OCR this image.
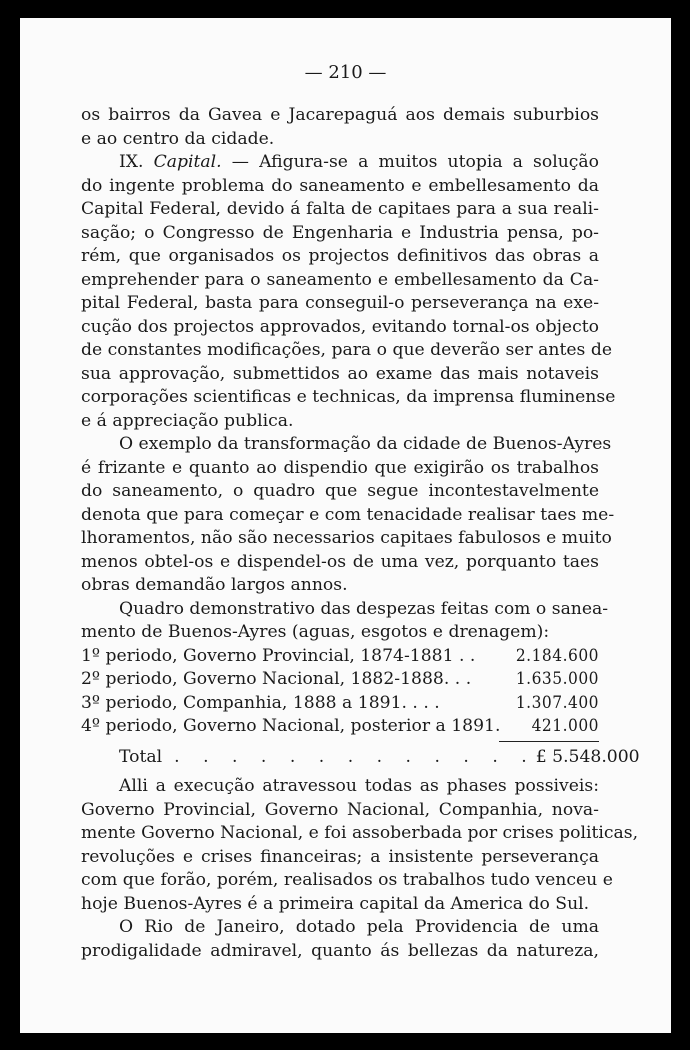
— 210 —
os bairros da Gavea e Jacarepaguá aos demais suburbios
e ao centro da cidade.
IX. Capital. — Afigura-se a muitos utopia a solução
do ingente problema do saneamento e embellesamento da
Capital Federal, devido á falta de capitaes para a sua reali-
sação; o Congresso de Engenharia e Industria pensa, po-
rém, que organisados os projectos definitivos das obras a
emprehender para o saneamento e embellesamento da Ca-
pital Federal, basta para conseguil-o perseverança na exe-
cução dos projectos approvados, evitando tornal-os objecto
de constantes modificações, para o que deverão ser antes de
sua approvação, submettidos ao exame das mais notaveis
corporações scientificas e technicas, da imprensa fluminense
e á appreciação publica.
O exemplo da transformação da cidade de Buenos-Ayres
é frizante e quanto ao dispendio que exigirão os trabalhos
do saneamento, o quadro que segue incontestavelmente
denota que para começar e com tenacidade realisar taes me-
lhoramentos, não são necessarios capitaes fabulosos e muito
menos obtel-os e dispendel-os de uma vez, porquanto taes
obras demandão largos annos.
Quadro demonstrativo das despezas feitas com o sanea-
mento de Buenos-Ayres (aguas, esgotos e drenagem):
1º periodo, Governo Provincial, 1874-1881 . . 2.184.600
2º periodo, Governo Nacional, 1882-1888. . .	1.635.000
3º periodo, Companhia, 1888 a 1891. . . .	1.307.400
4º periodo, Governo Nacional, posterior a 1891. 421.000
Total . . . . . . . . . . . . . £ 5.548.000
Alli a execução atravessou todas as phases possiveis:
Governo Provincial, Governo Nacional, Companhia, nova-
mente Governo Nacional, e foi assoberbada por crises politicas,
revoluções e crises financeiras; a insistente perseverança
com que forão, porém, realisados os trabalhos tudo venceu e
hoje Buenos-Ayres é a primeira capital da America do Sul.
O Rio de Janeiro, dotado pela Providencia de uma
prodigalidade admiravel, quanto ás bellezas da natureza,
